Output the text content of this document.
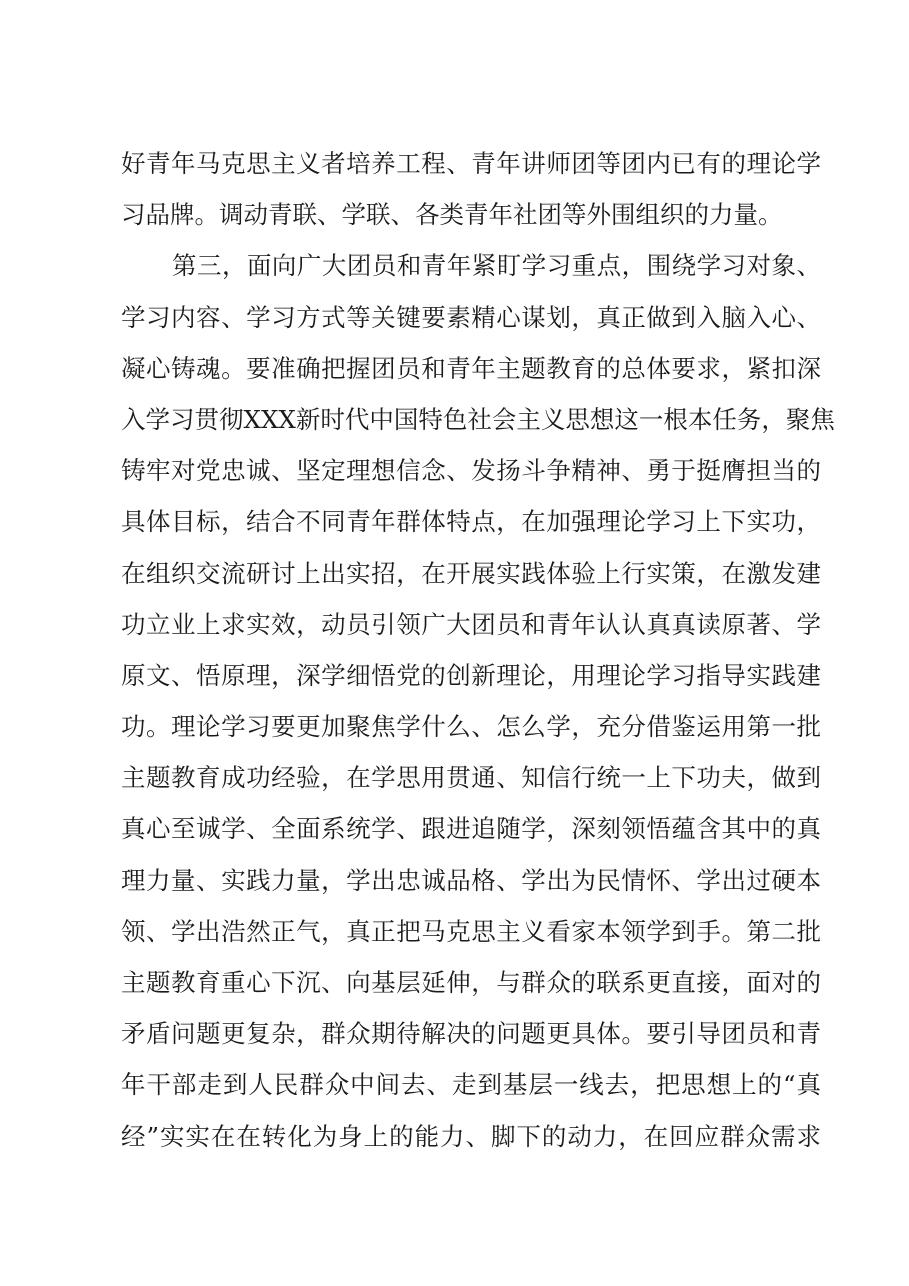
好青年马克思主义者培养工程、青年讲师团等团内已有的理论学
习品牌。调动青联、学联、各类青年社团等外围组织的力量。
第三，面向广大团员和青年紧盯学习重点，围绕学习对象、
学习内容、学习方式等关键要素精心谋划，真正做到入脑入心、
凝心铸魂。要准确把握团员和青年主题教育的总体要求，紧扣深
入学习贯彻XXX新时代中国特色社会主义思想这一根本任务，聚焦
铸牢对党忠诚、坚定理想信念、发扬斗争精神、勇于挺膺担当的
具体目标，结合不同青年群体特点，在加强理论学习上下实功，
在组织交流研讨上出实招，在开展实践体验上行实策，在激发建
功立业上求实效，动员引领广大团员和青年认认真真读原著、学
原文、悟原理，深学细悟党的创新理论，用理论学习指导实践建
功。理论学习要更加聚焦学什么、怎么学，充分借鉴运用第一批
主题教育成功经验，在学思用贯通、知信行统一上下功夫，做到
真心至诚学、全面系统学、跟进追随学，深刻领悟蕴含其中的真
理力量、实践力量，学出忠诚品格、学出为民情怀、学出过硬本
领、学出浩然正气，真正把马克思主义看家本领学到手。第二批
主题教育重心下沉、向基层延伸，与群众的联系更直接，面对的
矛盾问题更复杂，群众期待解决的问题更具体。要引导团员和青
年干部走到人民群众中间去、走到基层一线去，把思想上的“真
经”实实在在转化为身上的能力、脚下的动力，在回应群众需求
